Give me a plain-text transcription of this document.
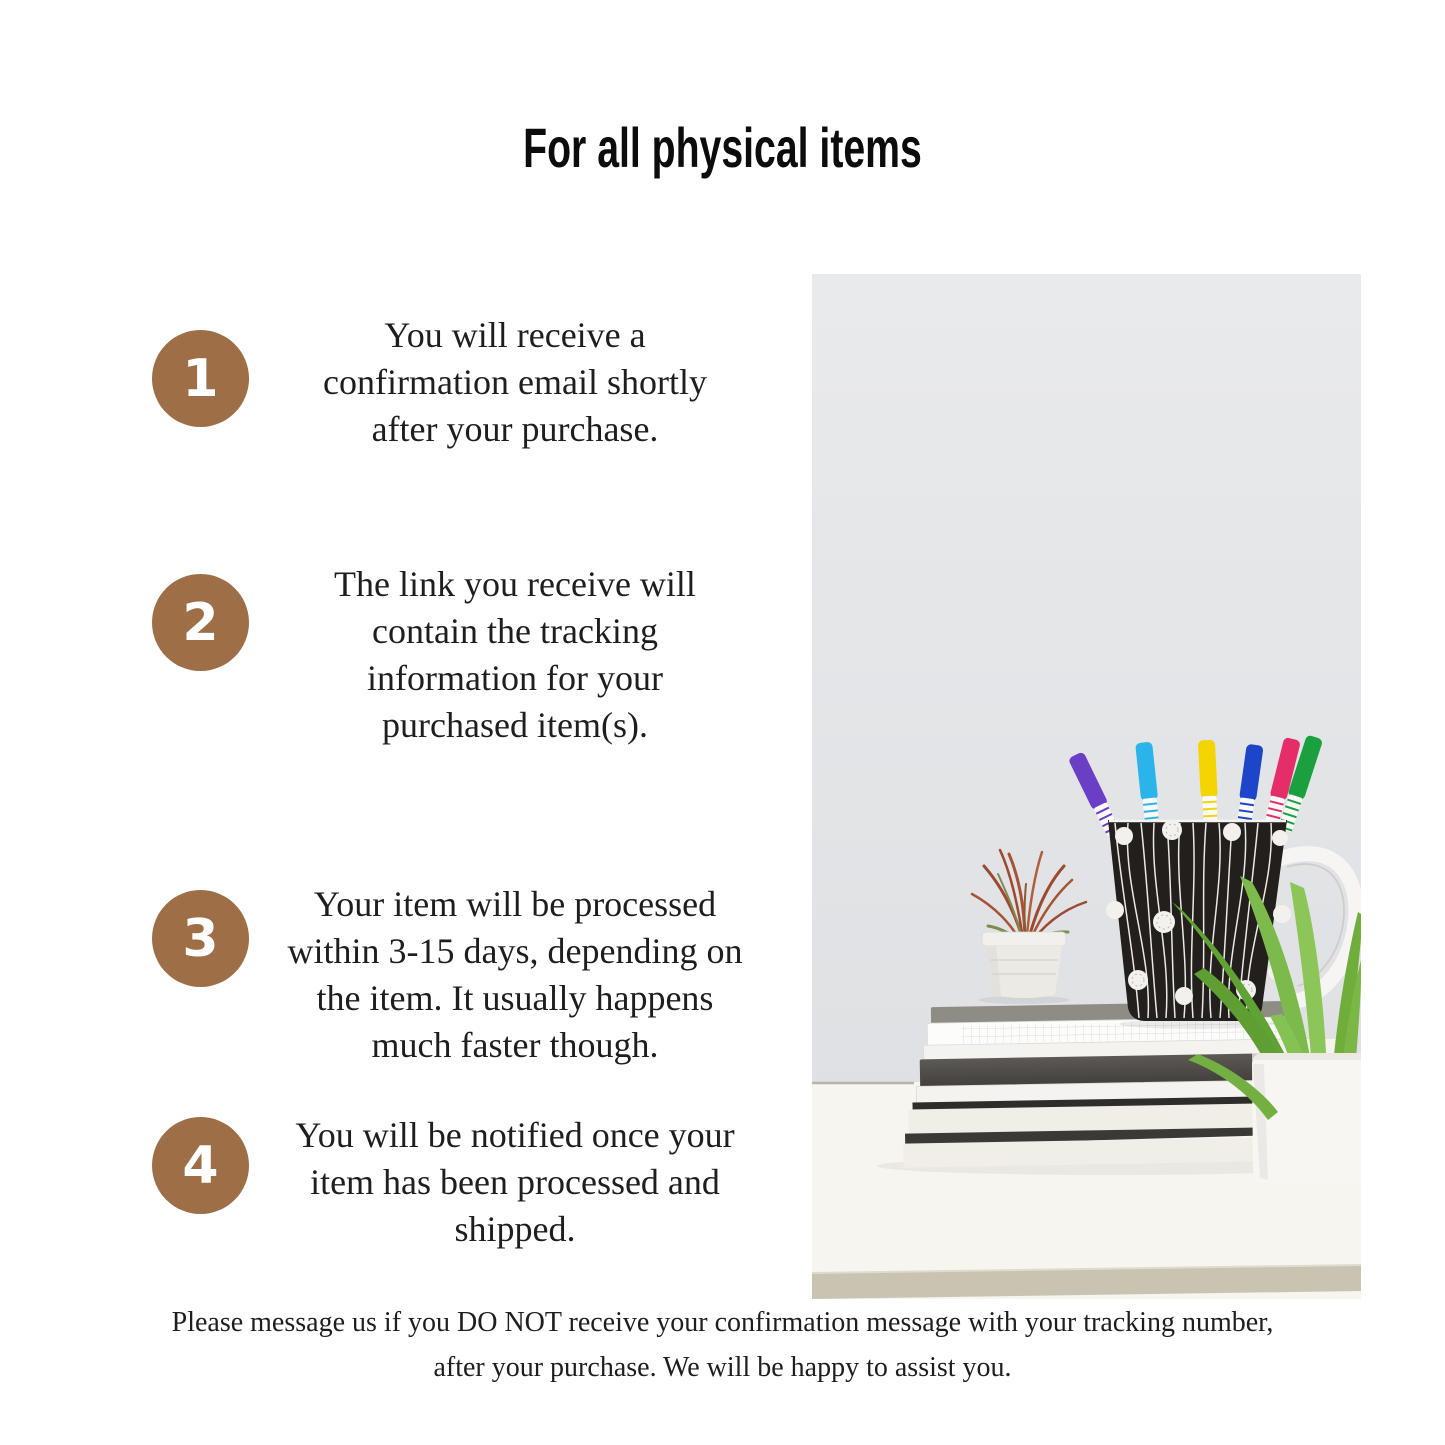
For all physical items
1
You will receive a
confirmation email shortly
after your purchase.
2
The link you receive will
contain the tracking
information for your
purchased item(s).
3
Your item will be processed
within 3-15 days, depending on
the item. It usually happens
much faster though.
4
You will be notified once your
item has been processed and
shipped.
Please message us if you DO NOT receive your confirmation message with your tracking number,
after your purchase. We will be happy to assist you.
